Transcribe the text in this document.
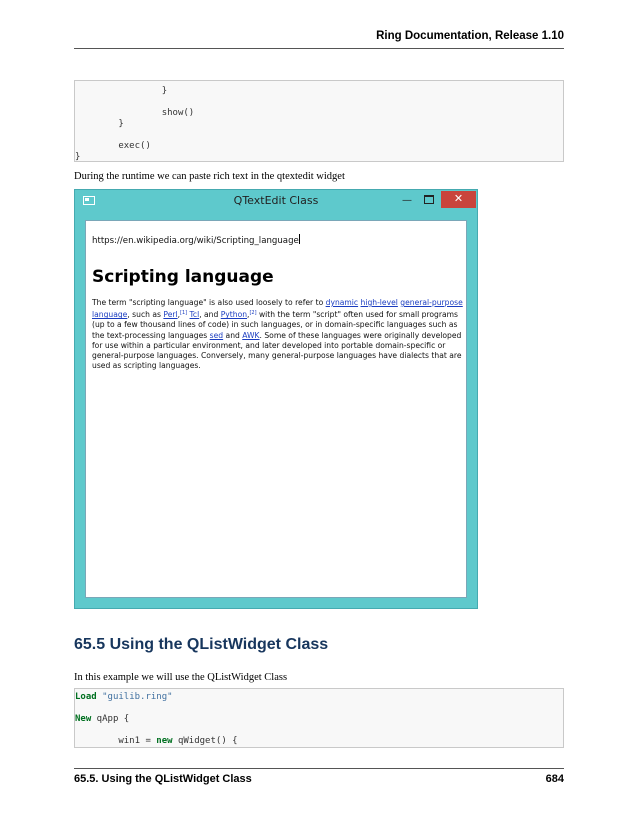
Ring Documentation, Release 1.10
}
show()
}
exec()
}
During the runtime we can paste rich text in the qtextedit widget
QTextEdit Class	—	✕
https://en.wikipedia.org/wiki/Scripting_language
Scripting language
The term "scripting language" is also used loosely to refer to dynamic high-level general-purpose language, such as Perl,[1] Tcl, and Python,[2] with the term "script" often used for small programs (up to a few thousand lines of code) in such languages, or in domain-specific languages such as the text-processing languages sed and AWK. Some of these languages were originally developed for use within a particular environment, and later developed into portable domain-specific or general-purpose languages. Conversely, many general-purpose languages have dialects that are used as scripting languages.
65.5 Using the QListWidget Class
In this example we will use the QListWidget Class
Load "guilib.ring"
New qApp {
win1 = new qWidget() {
65.5. Using the QListWidget Class	684
